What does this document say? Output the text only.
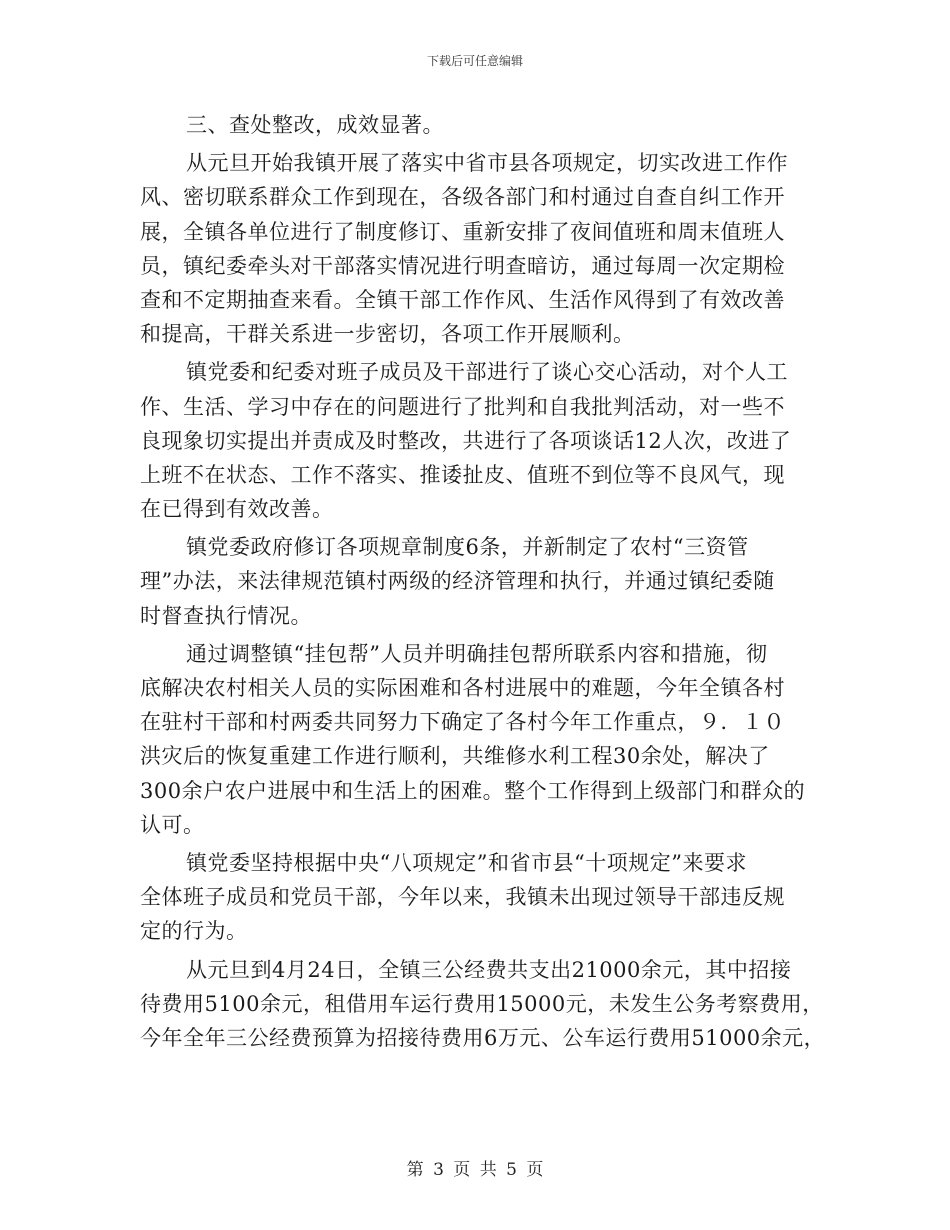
下载后可任意编辑
三、查处整改，成效显著。
从元旦开始我镇开展了落实中省市县各项规定，切实改进工作作
风、密切联系群众工作到现在，各级各部门和村通过自查自纠工作开
展，全镇各单位进行了制度修订、重新安排了夜间值班和周末值班人
员，镇纪委牵头对干部落实情况进行明查暗访，通过每周一次定期检
查和不定期抽查来看。全镇干部工作作风、生活作风得到了有效改善
和提高，干群关系进一步密切，各项工作开展顺利。
镇党委和纪委对班子成员及干部进行了谈心交心活动，对个人工
作、生活、学习中存在的问题进行了批判和自我批判活动，对一些不
良现象切实提出并责成及时整改，共进行了各项谈话12人次，改进了
上班不在状态、工作不落实、推诿扯皮、值班不到位等不良风气，现
在已得到有效改善。
镇党委政府修订各项规章制度6条，并新制定了农村“三资管
理”办法，来法律规范镇村两级的经济管理和执行，并通过镇纪委随
时督查执行情况。
通过调整镇“挂包帮”人员并明确挂包帮所联系内容和措施，彻
底解决农村相关人员的实际困难和各村进展中的难题，今年全镇各村
在驻村干部和村两委共同努力下确定了各村今年工作重点，９．１０
洪灾后的恢复重建工作进行顺利，共维修水利工程30余处，解决了
300余户农户进展中和生活上的困难。整个工作得到上级部门和群众的
认可。
镇党委坚持根据中央“八项规定”和省市县“十项规定”来要求
全体班子成员和党员干部，今年以来，我镇未出现过领导干部违反规
定的行为。
从元旦到4月24日，全镇三公经费共支出21000余元，其中招接
待费用5100余元，租借用车运行费用15000元，未发生公务考察费用，
今年全年三公经费预算为招接待费用6万元、公车运行费用51000余元，
第 3 页 共 5 页
